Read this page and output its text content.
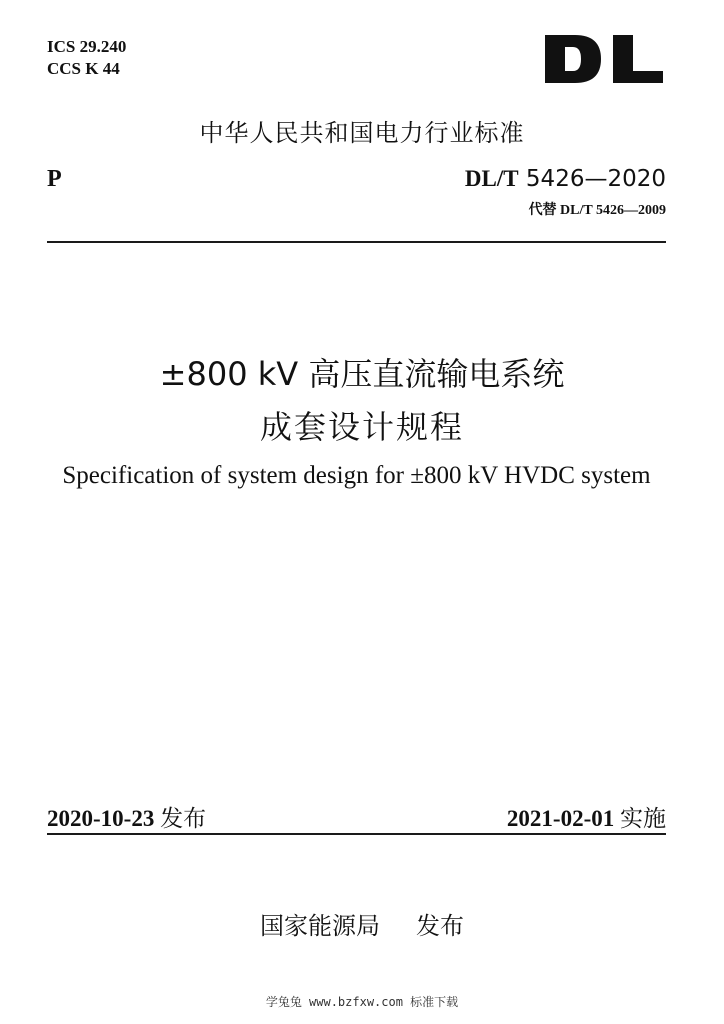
ICS 29.240
CCS K 44
中华人民共和国电力行业标准
P	DL/T 5426—2020
代替 DL/T 5426—2009
±800 kV 高压直流输电系统
成套设计规程
Specification of system design for ±800 kV HVDC system
2020-10-23 发布	2021-02-01 实施
国家能源局 发布
学兔兔 www.bzfxw.com 标准下载
